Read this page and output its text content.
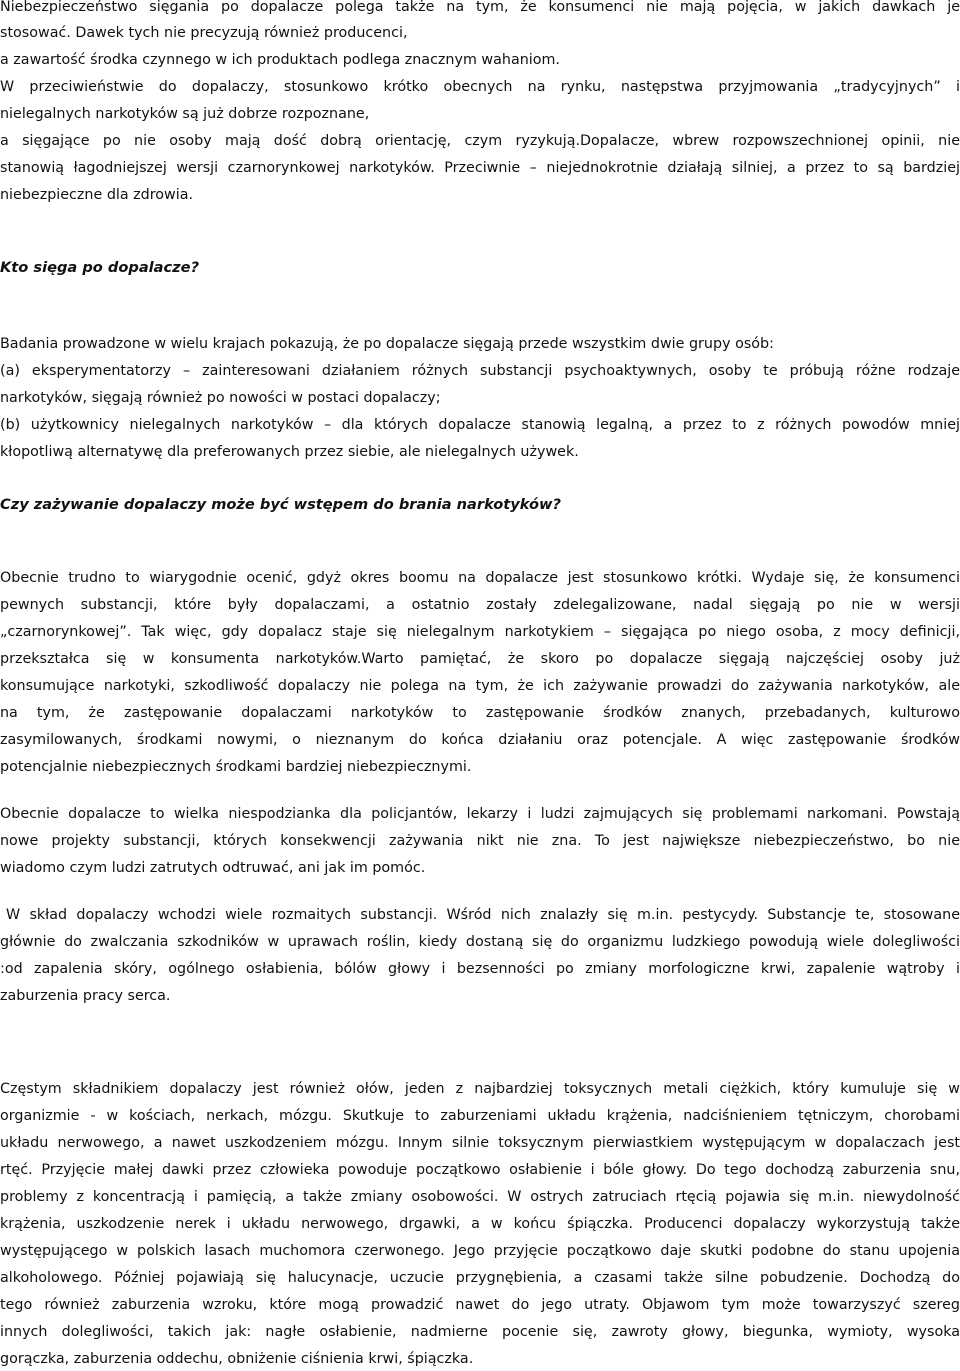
Niebezpieczeństwo sięgania po dopalacze polega także na tym, że konsumenci nie mają pojęcia, w jakich dawkach je
stosować. Dawek tych nie precyzują również producenci,
a zawartość środka czynnego w ich produktach podlega znacznym wahaniom.
W przeciwieństwie do dopalaczy, stosunkowo krótko obecnych na rynku, następstwa przyjmowania „tradycyjnych” i
nielegalnych narkotyków są już dobrze rozpoznane,
a sięgające po nie osoby mają dość dobrą orientację, czym ryzykują.Dopalacze, wbrew rozpowszechnionej opinii, nie
stanowią łagodniejszej wersji czarnorynkowej narkotyków. Przeciwnie – niejednokrotnie działają silniej, a przez to są bardziej
niebezpieczne dla zdrowia.
Kto sięga po dopalacze?
Badania prowadzone w wielu krajach pokazują, że po dopalacze sięgają przede wszystkim dwie grupy osób:
(a) eksperymentatorzy – zainteresowani działaniem różnych substancji psychoaktywnych, osoby te próbują różne rodzaje
narkotyków, sięgają również po nowości w postaci dopalaczy;
(b) użytkownicy nielegalnych narkotyków – dla których dopalacze stanowią legalną, a przez to z różnych powodów mniej
kłopotliwą alternatywę dla preferowanych przez siebie, ale nielegalnych używek.
Czy zażywanie dopalaczy może być wstępem do brania narkotyków?
Obecnie trudno to wiarygodnie ocenić, gdyż okres boomu na dopalacze jest stosunkowo krótki. Wydaje się, że konsumenci
pewnych substancji, które były dopalaczami, a ostatnio zostały zdelegalizowane, nadal sięgają po nie w wersji
„czarnorynkowej”. Tak więc, gdy dopalacz staje się nielegalnym narkotykiem – sięgająca po niego osoba, z mocy definicji,
przekształca się w konsumenta narkotyków.Warto pamiętać, że skoro po dopalacze sięgają najczęściej osoby już
konsumujące narkotyki, szkodliwość dopalaczy nie polega na tym, że ich zażywanie prowadzi do zażywania narkotyków, ale
na tym, że zastępowanie dopalaczami narkotyków to zastępowanie środków znanych, przebadanych, kulturowo
zasymilowanych, środkami nowymi, o nieznanym do końca działaniu oraz potencjale. A więc zastępowanie środków
potencjalnie niebezpiecznych środkami bardziej niebezpiecznymi.
Obecnie dopalacze to wielka niespodzianka dla policjantów, lekarzy i ludzi zajmujących się problemami narkomani. Powstają
nowe projekty substancji, których konsekwencji zażywania nikt nie zna. To jest największe niebezpieczeństwo, bo nie
wiadomo czym ludzi zatrutych odtruwać, ani jak im pomóc.
W skład dopalaczy wchodzi wiele rozmaitych substancji. Wśród nich znalazły się m.in. pestycydy. Substancje te, stosowane
głównie do zwalczania szkodników w uprawach roślin, kiedy dostaną się do organizmu ludzkiego powodują wiele dolegliwości
:od zapalenia skóry, ogólnego osłabienia, bólów głowy i bezsenności po zmiany morfologiczne krwi, zapalenie wątroby i
zaburzenia pracy serca.
Częstym składnikiem dopalaczy jest również ołów, jeden z najbardziej toksycznych metali ciężkich, który kumuluje się w
organizmie - w kościach, nerkach, mózgu. Skutkuje to zaburzeniami układu krążenia, nadciśnieniem tętniczym, chorobami
układu nerwowego, a nawet uszkodzeniem mózgu. Innym silnie toksycznym pierwiastkiem występującym w dopalaczach jest
rtęć. Przyjęcie małej dawki przez człowieka powoduje początkowo osłabienie i bóle głowy. Do tego dochodzą zaburzenia snu,
problemy z koncentracją i pamięcią, a także zmiany osobowości. W ostrych zatruciach rtęcią pojawia się m.in. niewydolność
krążenia, uszkodzenie nerek i układu nerwowego, drgawki, a w końcu śpiączka. Producenci dopalaczy wykorzystują także
występującego w polskich lasach muchomora czerwonego. Jego przyjęcie początkowo daje skutki podobne do stanu upojenia
alkoholowego. Później pojawiają się halucynacje, uczucie przygnębienia, a czasami także silne pobudzenie. Dochodzą do
tego również zaburzenia wzroku, które mogą prowadzić nawet do jego utraty. Objawom tym może towarzyszyć szereg
innych dolegliwości, takich jak: nagłe osłabienie, nadmierne pocenie się, zawroty głowy, biegunka, wymioty, wysoka
gorączka, zaburzenia oddechu, obniżenie ciśnienia krwi, śpiączka.
